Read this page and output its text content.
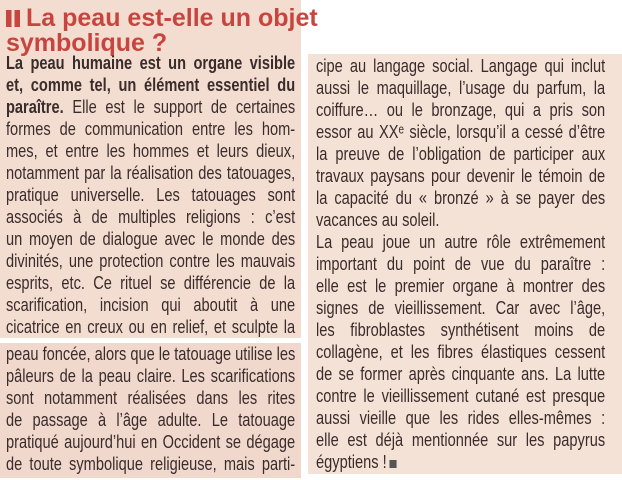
La peau est-elle un objet
symbolique ?
La peau humaine est un organe visible
et, comme tel, un élément essentiel du
paraître. Elle est le support de certaines
formes de communication entre les hom-
mes, et entre les hommes et leurs dieux,
notamment par la réalisation des tatouages,
pratique universelle. Les tatouages sont
associés à de multiples religions : c’est
un moyen de dialogue avec le monde des
divinités, une protection contre les mauvais
esprits, etc. Ce rituel se différencie de la
scarification, incision qui aboutit à une
cicatrice en creux ou en relief, et sculpte la
peau foncée, alors que le tatouage utilise les
pâleurs de la peau claire. Les scarifications
sont notamment réalisées dans les rites
de passage à l’âge adulte. Le tatouage
pratiqué aujourd’hui en Occident se dégage
de toute symbolique religieuse, mais parti-
cipe au langage social. Langage qui inclut
aussi le maquillage, l’usage du parfum, la
coiffure… ou le bronzage, qui a pris son
essor au XXᵉ siècle, lorsqu’il a cessé d’être
la preuve de l’obligation de participer aux
travaux paysans pour devenir le témoin de
la capacité du « bronzé » à se payer des
vacances au soleil.
La peau joue un autre rôle extrêmement
important du point de vue du paraître :
elle est le premier organe à montrer des
signes de vieillissement. Car avec l’âge,
les fibroblastes synthétisent moins de
collagène, et les fibres élastiques cessent
de se former après cinquante ans. La lutte
contre le vieillissement cutané est presque
aussi vieille que les rides elles-mêmes :
elle est déjà mentionnée sur les papyrus
égyptiens !
